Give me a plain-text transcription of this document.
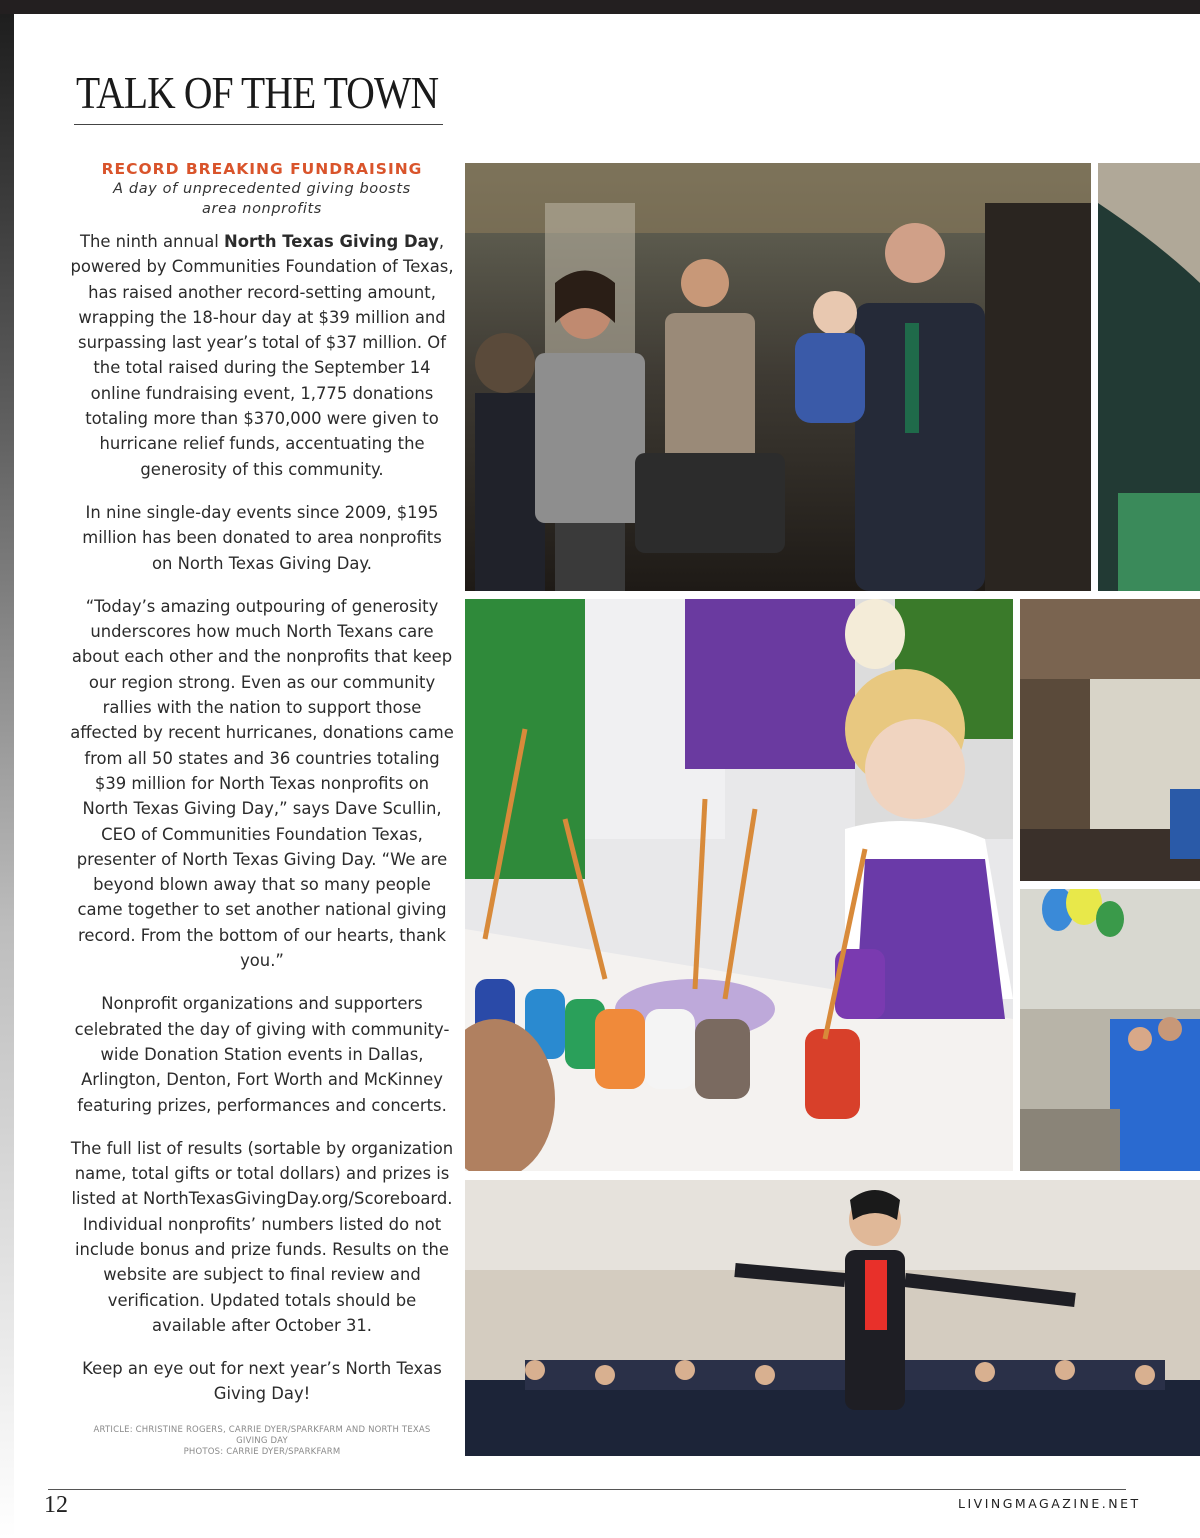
TALK OF THE TOWN
RECORD BREAKING FUNDRAISING
A day of unprecedented giving boosts area nonprofits

The ninth annual North Texas Giving Day, powered by Communities Foundation of Texas, has raised another record-setting amount, wrapping the 18-hour day at $39 million and surpassing last year’s total of $37 million. Of the total raised during the September 14 online fundraising event, 1,775 donations totaling more than $370,000 were given to hurricane relief funds, accentuating the generosity of this community.

In nine single-day events since 2009, $195 million has been donated to area nonprofits on North Texas Giving Day.

“Today’s amazing outpouring of generosity underscores how much North Texans care about each other and the nonprofits that keep our region strong. Even as our community rallies with the nation to support those affected by recent hurricanes, donations came from all 50 states and 36 countries totaling $39 million for North Texas nonprofits on North Texas Giving Day,” says Dave Scullin, CEO of Communities Foundation Texas, presenter of North Texas Giving Day. “We are beyond blown away that so many people came together to set another national giving record. From the bottom of our hearts, thank you.”

Nonprofit organizations and supporters celebrated the day of giving with community-wide Donation Station events in Dallas, Arlington, Denton, Fort Worth and McKinney featuring prizes, performances and concerts.

The full list of results (sortable by organization name, total gifts or total dollars) and prizes is listed at NorthTexasGivingDay.org/Scoreboard. Individual nonprofits’ numbers listed do not include bonus and prize funds. Results on the website are subject to final review and verification. Updated totals should be available after October 31.

Keep an eye out for next year’s North Texas Giving Day!

ARTICLE: CHRISTINE ROGERS, CARRIE DYER/SPARKFARM AND NORTH TEXAS GIVING DAY
PHOTOS: CARRIE DYER/SPARKFARM
12	LIVINGMAGAZINE.NET
